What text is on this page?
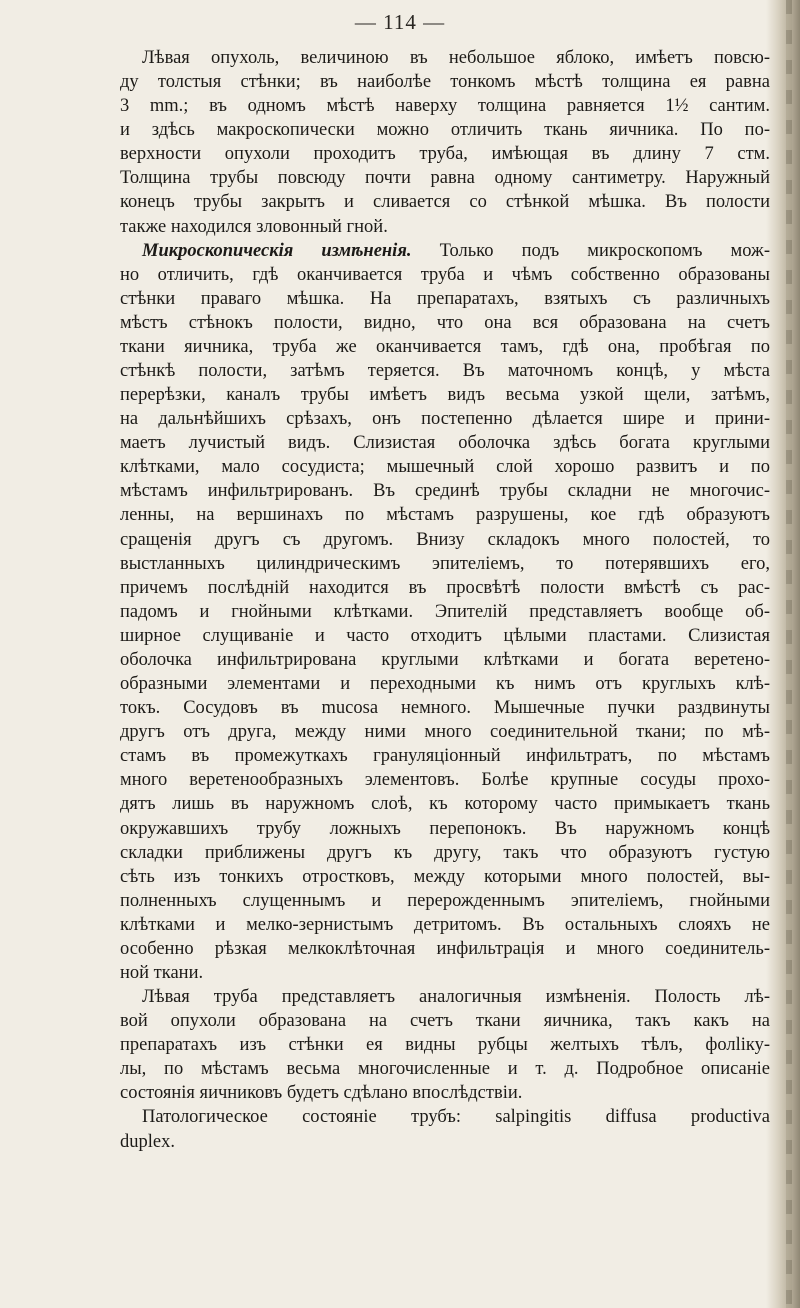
— 114 —
Лѣвая опухоль, величиною въ небольшое яблоко, имѣетъ повсю-
ду толстыя стѣнки; въ наиболѣе тонкомъ мѣстѣ толщина ея равна
3 mm.; въ одномъ мѣстѣ наверху толщина равняется 1½ сантим.
и здѣсь макроскопически можно отличить ткань яичника. По по-
верхности опухоли проходитъ труба, имѣющая въ длину 7 стм.
Толщина трубы повсюду почти равна одному сантиметру. Наружный
конецъ трубы закрытъ и сливается со стѣнкой мѣшка. Въ полости
также находился зловонный гной.
Микроскопическія измѣненія. Только подъ микроскопомъ мож-
но отличить, гдѣ оканчивается труба и чѣмъ собственно образованы
стѣнки праваго мѣшка. На препаратахъ, взятыхъ съ различныхъ
мѣстъ стѣнокъ полости, видно, что она вся образована на счетъ
ткани яичника, труба же оканчивается тамъ, гдѣ она, пробѣгая по
стѣнкѣ полости, затѣмъ теряется. Въ маточномъ концѣ, у мѣста
перерѣзки, каналъ трубы имѣетъ видъ весьма узкой щели, затѣмъ,
на дальнѣйшихъ срѣзахъ, онъ постепенно дѣлается шире и прини-
маетъ лучистый видъ. Слизистая оболочка здѣсь богата круглыми
клѣтками, мало сосудиста; мышечный слой хорошо развитъ и по
мѣстамъ инфильтрированъ. Въ срединѣ трубы складни не многочис-
ленны, на вершинахъ по мѣстамъ разрушены, кое гдѣ образуютъ
сращенія другъ съ другомъ. Внизу складокъ много полостей, то
выстланныхъ цилиндрическимъ эпителіемъ, то потерявшихъ его,
причемъ послѣдній находится въ просвѣтѣ полости вмѣстѣ съ рас-
падомъ и гнойными клѣтками. Эпителій представляетъ вообще об-
ширное слущиваніе и часто отходитъ цѣлыми пластами. Слизистая
оболочка инфильтрирована круглыми клѣтками и богата веретено-
образными элементами и переходными къ нимъ отъ круглыхъ клѣ-
токъ. Сосудовъ въ mucosa немного. Мышечные пучки раздвинуты
другъ отъ друга, между ними много соединительной ткани; по мѣ-
стамъ въ промежуткахъ грануляціонный инфильтратъ, по мѣстамъ
много веретенообразныхъ элементовъ. Болѣе крупные сосуды прохо-
дятъ лишь въ наружномъ слоѣ, къ которому часто примыкаетъ ткань
окружавшихъ трубу ложныхъ перепонокъ. Въ наружномъ концѣ
складки приближены другъ къ другу, такъ что образуютъ густую
сѣть изъ тонкихъ отростковъ, между которыми много полостей, вы-
полненныхъ слущеннымъ и перерожденнымъ эпителіемъ, гнойными
клѣтками и мелко-зернистымъ детритомъ. Въ остальныхъ слояхъ не
особенно рѣзкая мелкоклѣточная инфильтрація и много соединитель-
ной ткани.
Лѣвая труба представляетъ аналогичныя измѣненія. Полость лѣ-
вой опухоли образована на счетъ ткани яичника, такъ какъ на
препаратахъ изъ стѣнки ея видны рубцы желтыхъ тѣлъ, фолliку-
лы, по мѣстамъ весьма многочисленные и т. д. Подробное описаніе
состоянія яичниковъ будетъ сдѣлано впослѣдствіи.
Патологическое состояніе трубъ: salpingitis diffusa productiva
duplex.
